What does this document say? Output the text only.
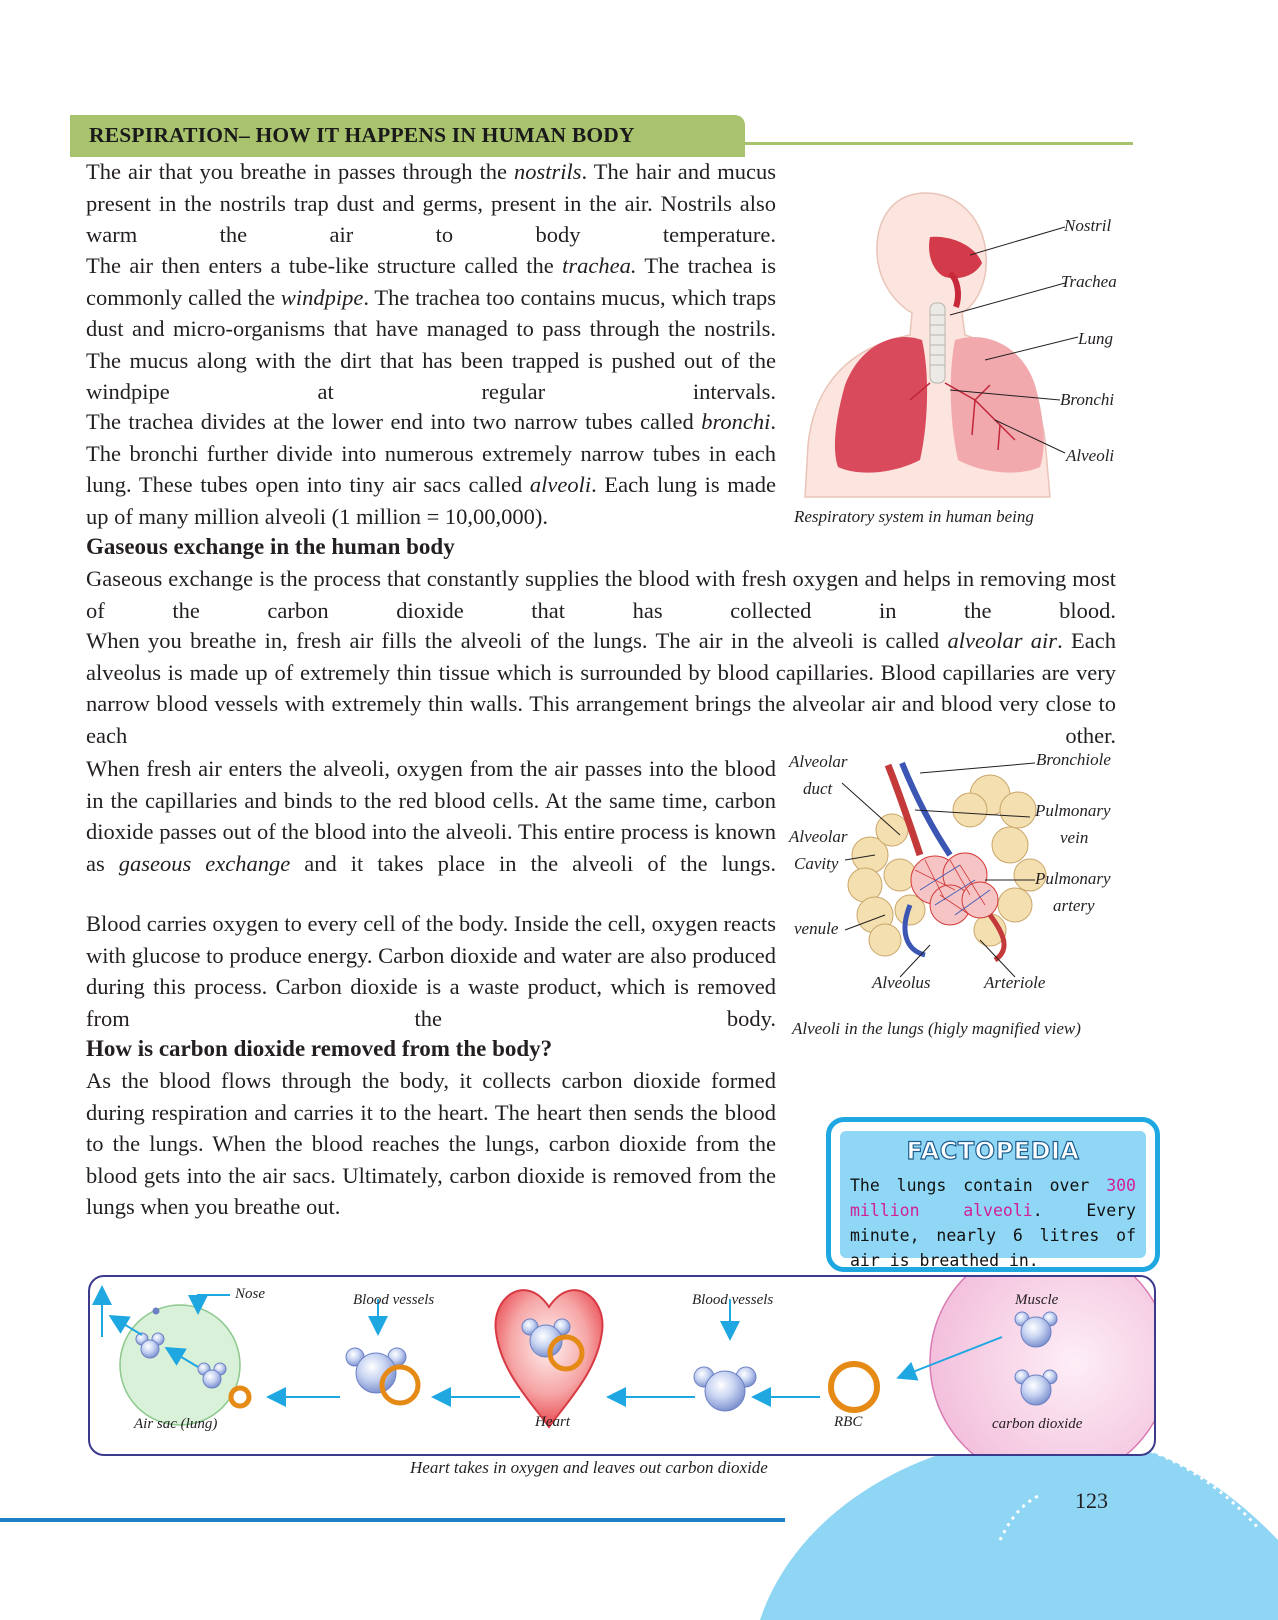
RESPIRATION– HOW IT HAPPENS IN HUMAN BODY

The air that you breathe in passes through the nostrils. The hair and mucus present in the nostrils trap dust and germs, present in the air. Nostrils also warm the air to body temperature.

The air then enters a tube-like structure called the trachea. The trachea is commonly called the windpipe. The trachea too contains mucus, which traps dust and micro-organisms that have managed to pass through the nostrils. The mucus along with the dirt that has been trapped is pushed out of the windpipe at regular intervals.

The trachea divides at the lower end into two narrow tubes called bronchi. The bronchi further divide into numerous extremely narrow tubes in each lung. These tubes open into tiny air sacs called alveoli. Each lung is made up of many million alveoli (1 million = 10,00,000).

Nostril
Trachea
Lung
Bronchi
Alveoli
Respiratory system in human being
Gaseous exchange in the human body

Gaseous exchange is the process that constantly supplies the blood with fresh oxygen and helps in removing most of the carbon dioxide that has collected in the blood.

When you breathe in, fresh air fills the alveoli of the lungs. The air in the alveoli is called alveolar air. Each alveolus is made up of extremely thin tissue which is surrounded by blood capillaries. Blood capillaries are very narrow blood vessels with extremely thin walls. This arrangement brings the alveolar air and blood very close to each other.

When fresh air enters the alveoli, oxygen from the air passes into the blood in the capillaries and binds to the red blood cells. At the same time, carbon dioxide passes out of the blood into the alveoli. This entire process is known as gaseous exchange and it takes place in the alveoli of the lungs.

Blood carries oxygen to every cell of the body. Inside the cell, oxygen reacts with glucose to produce energy. Carbon dioxide and water are also produced during this process. Carbon dioxide is a waste product, which is removed from the body.

Alveolar
duct
Bronchiole
Pulmonary
vein
Alveolar
Cavity
Pulmonary
artery
venule
Alveolus	Arteriole
Alveoli in the lungs (higly magnified view)
How is carbon dioxide removed from the body?

As the blood flows through the body, it collects carbon dioxide formed during respiration and carries it to the heart. The heart then sends the blood to the lungs. When the blood reaches the lungs, carbon dioxide from the blood gets into the air sacs. Ultimately, carbon dioxide is removed from the lungs when you breathe out.

FACTOPEDIA
The lungs contain over 300 million alveoli. Every minute, nearly 6 litres of air is breathed in.
Nose	Blood vessels	Blood vessels	Muscle
Air sac (lung)	Heart	RBC	carbon dioxide
Heart takes in oxygen and leaves out carbon dioxide
123
